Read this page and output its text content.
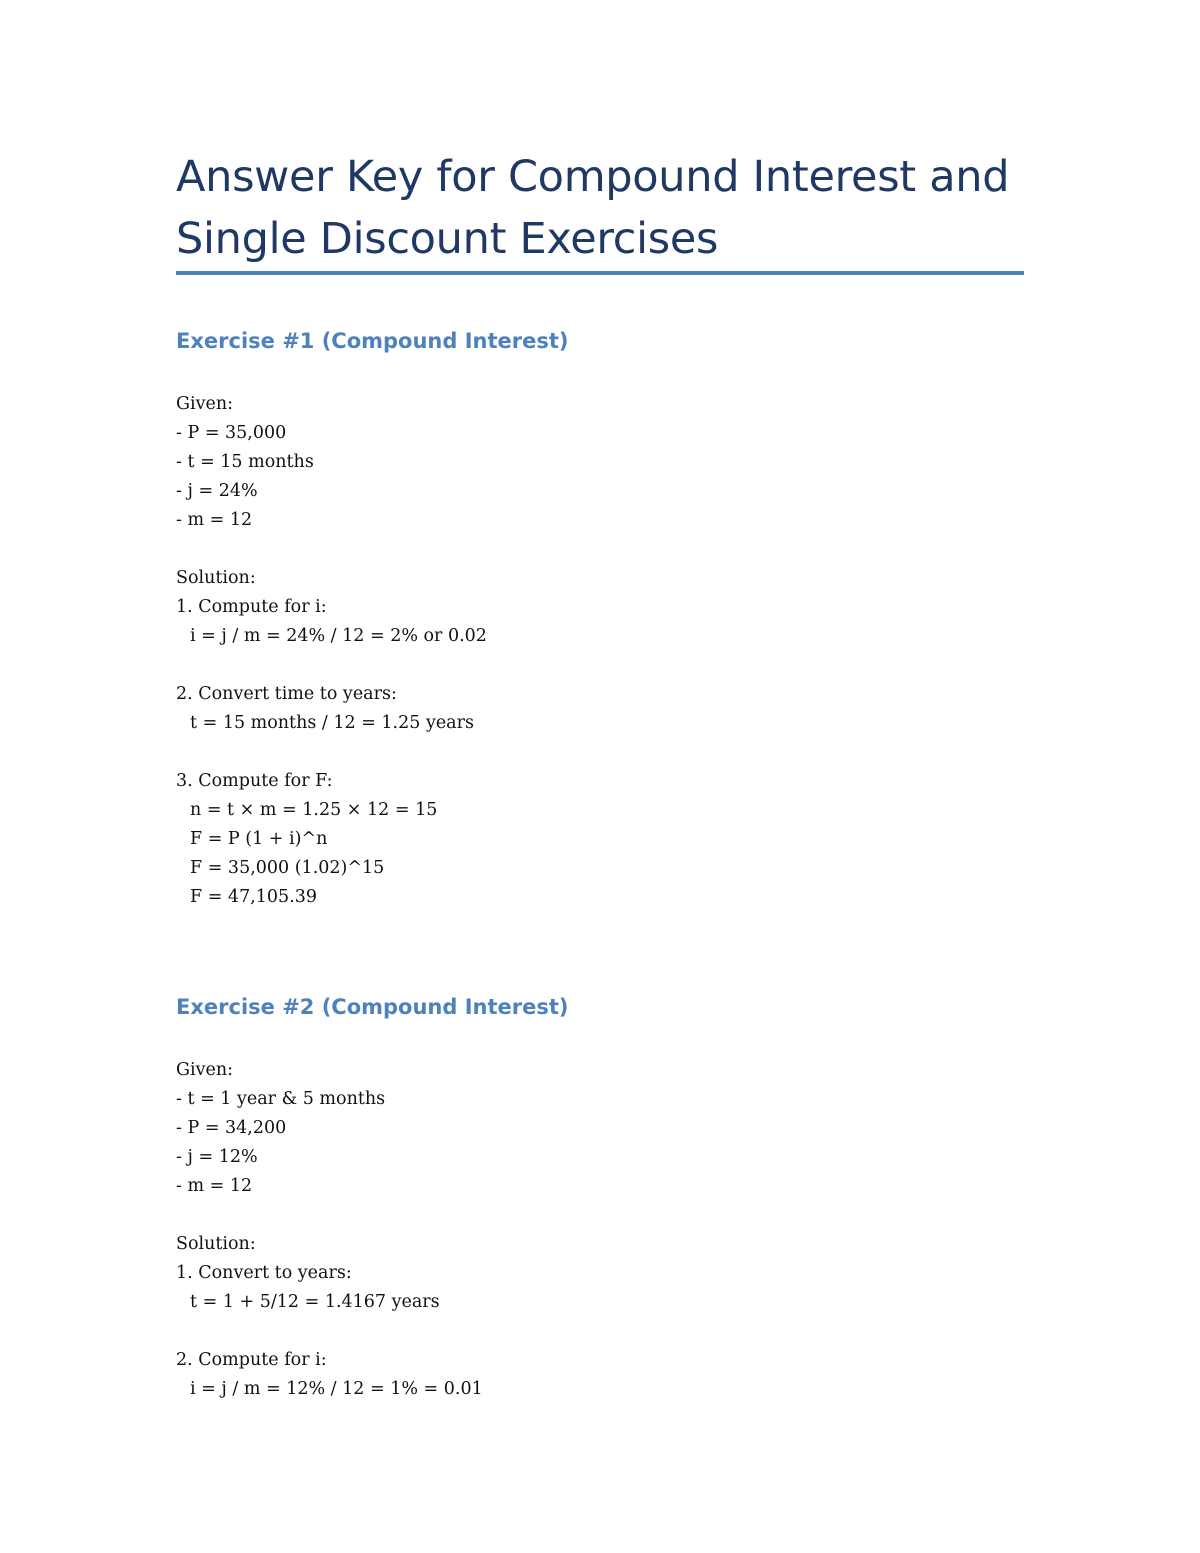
Answer Key for Compound Interest and Single Discount Exercises
Exercise #1 (Compound Interest)
Given:
- P = 35,000
- t = 15 months
- j = 24%
- m = 12
Solution:
1. Compute for i:
i = j / m = 24% / 12 = 2% or 0.02
2. Convert time to years:
t = 15 months / 12 = 1.25 years
3. Compute for F:
n = t × m = 1.25 × 12 = 15
F = P (1 + i)^n
F = 35,000 (1.02)^15
F = 47,105.39
Exercise #2 (Compound Interest)
Given:
- t = 1 year & 5 months
- P = 34,200
- j = 12%
- m = 12
Solution:
1. Convert to years:
t = 1 + 5/12 = 1.4167 years
2. Compute for i:
i = j / m = 12% / 12 = 1% = 0.01
